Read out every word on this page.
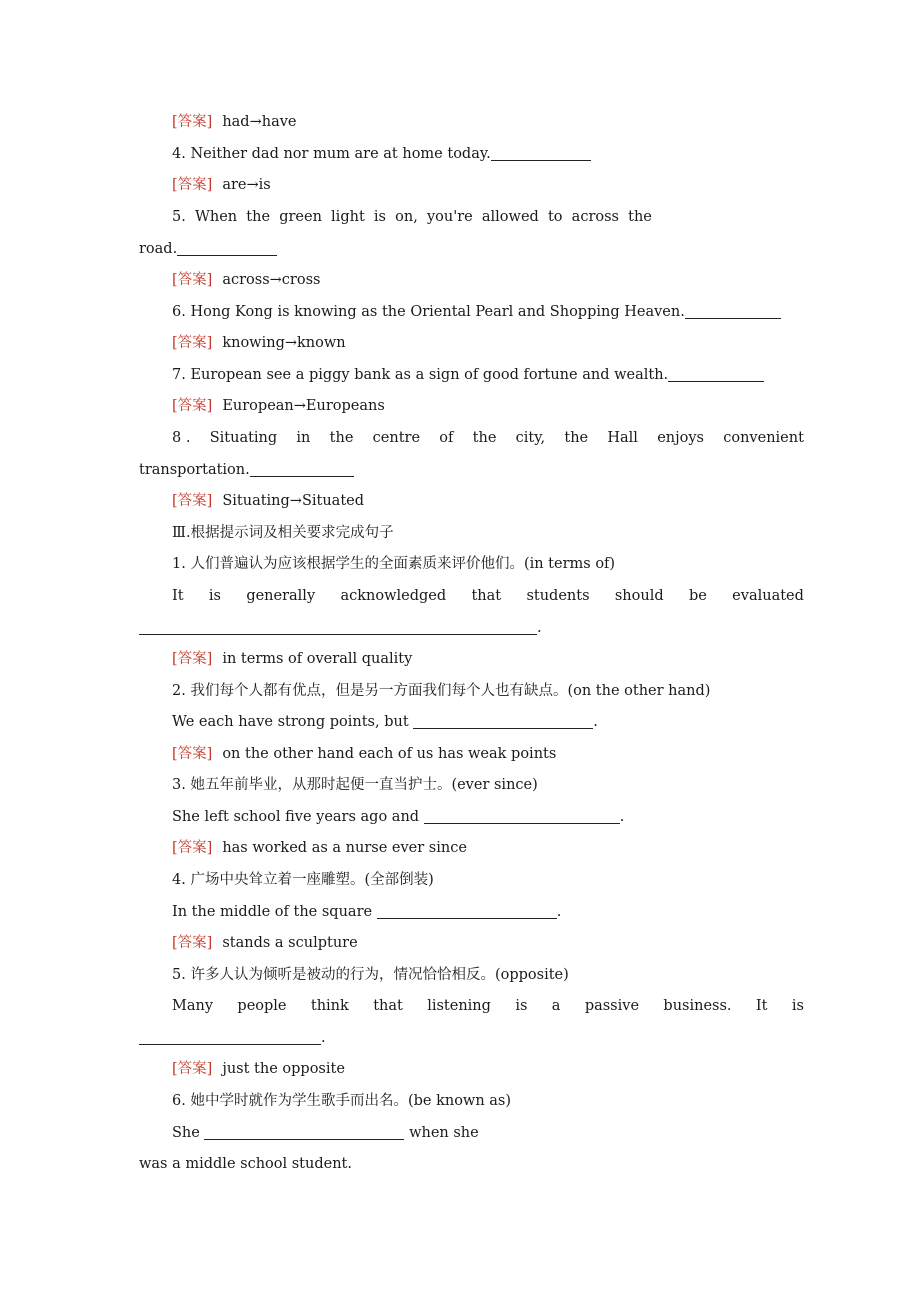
[答案] had→have
4. Neither dad nor mum are at home today.
[答案] are→is
5. When the green light is on, you're allowed to across the
road.
[答案] across→cross
6. Hong Kong is knowing as the Oriental Pearl and Shopping Heaven.
[答案] knowing→known
7. European see a piggy bank as a sign of good fortune and wealth.
[答案] European→Europeans
8 . Situating in the centre of the city, the Hall enjoys convenient
transportation.
[答案] Situating→Situated
Ⅲ.根据提示词及相关要求完成句子
1. 人们普遍认为应该根据学生的全面素质来评价他们。(in terms of)
It is generally acknowledged that students should be evaluated
.
[答案] in terms of overall quality
2. 我们每个人都有优点，但是另一方面我们每个人也有缺点。(on the other hand)
We each have strong points, but	.
[答案] on the other hand each of us has weak points
3. 她五年前毕业，从那时起便一直当护士。(ever since)
She left school five years ago and	.
[答案] has worked as a nurse ever since
4. 广场中央耸立着一座雕塑。(全部倒装)
In the middle of the square	.
[答案] stands a sculpture
5. 许多人认为倾听是被动的行为，情况恰恰相反。(opposite)
Many people think that listening is a passive business. It is
.
[答案] just the opposite
6. 她中学时就作为学生歌手而出名。(be known as)
She	when she
was a middle school student.
